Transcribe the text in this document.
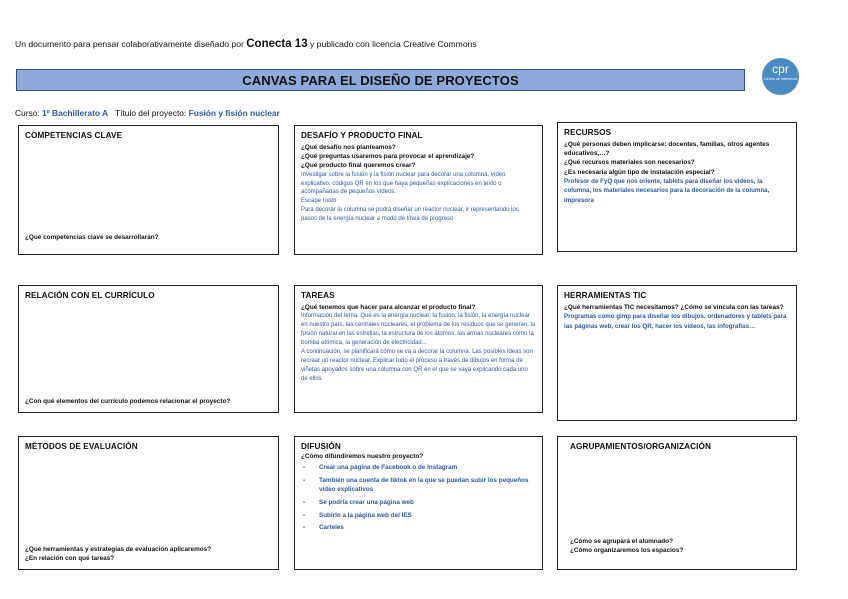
Un documento para pensar colaborativamente diseñado por Conecta 13 y publicado con licencia Creative Commons
CANVAS PARA EL DISEÑO DE PROYECTOS
cpr
Centro de referencia
Curso: 1º Bachillerato A Título del proyecto: Fusión y fisión nuclear
COMPETENCIAS CLAVE
¿Qué competencias clave se desarrollarán?
DESAFÍO Y PRODUCTO FINAL
¿Qué desafío nos planteamos?
¿Qué preguntas usaremos para provocar el aprendizaje?
¿Qué producto final queremos crear?
Investigar sobre la fusión y la fisión nuclear para decorar una columna, vídeo explicativo, códigos QR en los que haya pequeñas explicaciones en texto o acompañadas de pequeños vídeos.
Escape room
Para decorar la columna se podrá diseñar un reactor nuclear, ir representando los pasos de la energía nuclear a modo de línea de progreso
RECURSOS
¿Qué personas deben implicarse: docentes, familias, otros agentes educativos,…?
¿Qué recursos materiales son necesarios?
¿Es necesaria algún tipo de instalación especial?
Profesor de FyQ que nos oriente, tablets para diseñar los vídeos, la columna, los materiales necesarios para la decoración de la columna, impresora
RELACIÓN CON EL CURRÍCULO
¿Con qué elementos del currículo podemos relacionar el proyecto?
TAREAS
¿Qué tenemos que hacer para alcanzar el producto final?
Información del tema. Qué es la energía nuclear, la fusión, la fisión, la energía nuclear en nuestro país, las centrales nucleares, el problema de los residuos que se generan, la fusión natural en las estrellas, la estructura de los átomos, las armas nucleares como la bomba atómica, la generación de electricidad…
A continuación, se planificará cómo se va a decorar la columna. Las posibles ideas son recrear un reactor nuclear. Explicar todo el proceso a través de dibujos en forma de viñetas apoyados sobre una columna con QR en el que se vaya explicando cada uno de ellos
HERRAMIENTAS TIC
¿Qué herramientas TIC necesitamos? ¿Cómo se vincula con las tareas?
Programas como gimp para diseñar los dibujos, ordenadores y tablets para las páginas web, crear los QR, hacer los vídeos, las infografías…
MÉTODOS DE EVALUACIÓN
¿Qué herramientas y estrategias de evaluación aplicaremos?
¿En relación con qué tareas?
DIFUSIÓN
¿Cómo difundiremos nuestro proyecto?
- Crear una página de Facebook o de Instagram
- También una cuenta de tiktok en la que se puedan subir los pequeños vídeo explicativos
- Se podría crear una página web
- Subirlo a la página web del IES
- Carteles
AGRUPAMIENTOS/ORGANIZACIÓN
¿Cómo se agrupará el alumnado?
¿Cómo organizaremos los espacios?
